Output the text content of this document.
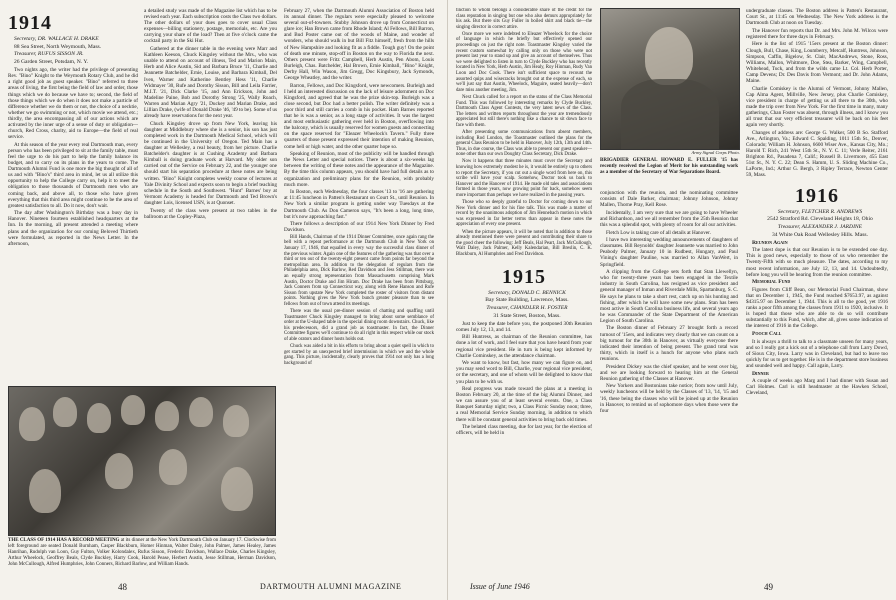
1914

Secretary, DR. WALLACE H. DRAKE

88 Sea Street, North Weymouth, Mass.

Treasurer, RUFUS SISSON JR.

26 Garden Street, Potsdam, N. Y.

Two nights ago, the writer had the privilege of presenting Rev. "Bino" Knight to the Weymouth Rotary Club, and he did a right good job as guest speaker. "Bino" referred to three areas of living, the first being the field of law and order, those things which we do because we have to; second, the field of those things which we do when it does not make a particle of difference whether we do them or not, the choice of a necktie, whether we go swimming or not, which movie we attend, etc.; thirdly, the area encompassing all of our actions which are activated by the inner urge of a sense of duty or obligation—church, Red Cross, charity, aid to Europe—the field of real service.

At this season of the year every real Dartmouth man, every person who has been privileged to sit at the family table, must feel the urge to do his part to help the family balance its budget, and to carry on its plans in the years to come. The Dartmouth Alumni Fund is one more the big thought of all of us and with "Bino's" third area in mind, let us all utilize this opportunity to help the College carry on, help it to meet the obligation to those thousands of Dartmouth men who are coming back, and above all, to those who have given everything that this third area might continue to be the area of greatest satisfaction to all. Do it now, don't wait.

The day after Washington's Birthday was a busy day in Hanover. Nineteen fourteen established headquarters at the Inn. In the morning, all present attended a meeting where plans and the organization for our coming Beloved Thirtieth were formulated, as reported in the News Letter. In the afternoon,

a detailed study was made of the Magazine list which has to be revised each year. Each subscription costs the Class two dollars. The other dollars of your dues goes to cover usual Class expenses—billing stationery, postage, memorials, etc. Are you carrying your share of the load? Then at five o'clock came the cocktail party in the Ski Hut.

Gathered at the dinner table in the evening were Marr and Kathleen Keeson, Chuck Kingsley without the Mrs., who was unable to attend on account of illness, Ted and Marion Main, Herb and Alice Austin, Sid and Barbara Bruce '11, Charlie and Jeannette Batchelder, Ernie, Louise, and Barbara Kimball, Del Iven, Warner and Katherine Bentley Hess '11, Charlie Widmayer '30, Rufe and Dorothy Sisson, Bill and Leila Farrier, M.I.T. '21, Dick Clarke '15, and Ann Erickson, John and Madeline Paine, Bob and Dorothy Strong '25, Wally Roach, Warren and Marian Agry '21, Duckey and Marian Drake, and Lillian Drake, (wife of Donald Drake '46, '49 to be). Some of us already have reservations for the next year.

Chuck Kingsley drove up from New York, leaving his daughter at Middlebury where she is a senior, his son has just completed work in the Dartmouth Medical School, which will be continued in the University of Oregon. Ted Main has a daughter at Wellesley, a real beauty, from her picture. Charlie Batchelder's daughter is at Cushing Academy and Barbara Kimball is doing graduate work at Harvard. My older son carried out of the Service on February 22, and the younger one should start his separation procedure at these notes are being written. "Bino" Knight completes weekly course of lectures at Yale Divinity School and expects soon to begin a brief teaching schedule in the South and Southwest. "Hunt" Barnes' boy at Vermont Academy is headed for Dartmouth and Ted Brown's daughter Lois, licensed USN, is at Quonset.

Twenty of the class were present at two tables in the ballroom at the Copley-Plaza,

February 27, when the Dartmouth Alumni Association of Boston held its annual dinner. The regulars were especially pleased to welcome several out-of-towners. Stubby Johnson drove up from Connecticut on glare ice; Han Brown came from Rhode Island; Al Fellows, Bill Barron, and Bud Poster came out of the woods of Maine, and wonder of wonders, who should walk in but Bill Fitz himself, fresh from the hills of New Hampshire and looking fit as a fiddle. Tough guy! On the point of death one minute, stop-off in Boston on the way to Florida the next. Others present were Fritz Campbell, Herb Austin, Pen Abom, Louis Burleigh, Chas. Batchelder, Hal Brown, Ernie Kimball, "Bino" Knight, Derby Hall, Win Wason, Jim Gregg, Doc Kingsbury, Jack Symonds, George Wheatley, and the writer.

Barron, Fellows, and Doc Kingsford, were newcomers. Burleigh and I held an interested discussion on the lack of leisure adornment on Doc Kingsford, and agreed that he was the prize skin-top. Burleigh was a close second, but Doc had a better polish. The writer definitely was a poor third and still carries a comb in his pocket. Ham Barnes reported that he is was a senior, as a long stage of activities. It was the largest and most enthusiastic gathering ever held in Boston, overflowing into the balcony, which is usually reserved for women guests and connecting on the space reserved for "Eleazer Wheelock's Tavern." Fully three quarters of those present expressed their intention of making Reunion, come hell or high water, and the other quarter hope so.

Speaking of Reunion, most of the publicity will be handled through the News Letter and special notices. There is about a six-weeks lag between the writing of these notes and the appearance of the Magazine. By the time this column appears, you should have had full details as to organization and preliminary plans for the Reunion, with probably much more.

In Boston, each Wednesday, the four classes '13 to '16 are gathering at 11:45 luncheon in Patten's Restaurant on Court St., until Reunion. In New York a similar program is getting under way Tuesdays at the Dartmouth Club. As Don Cameron says, "It's been a long, long time, but it's now approaching fast."

There follows a description of our 1914 New York Dinner by Fred Davidson.

Bill Hands, Chairman of the 1914 Dinner Committee, once again rang the bell with a repeat performance at the Dartmouth Club in New York on January 17, 1946, that equalled in every way the successful class dinner of the previous winter. Again one of the features of the gathering was that over a third or ten out of the twenty-eight present came from points far beyond the metropolitan area. In addition to the delegation of regulars from the Philadelphia area, Dick Barlow, Red Davidson and Jess Stillman, there was an equally strong representation from Massachusetts comprising Mark Austin, Doctor Drake and Jim Hiram. Doc Drake has been from Pittsburg, Jack Conners from up Connecticut way, along with Rene Hanson and Rufe Sisson from upstate New York completed the roster of visitors from distant points. Nothing gives the New York bunch greater pleasure than to see fellows from out of town attend its meetings.

There was the usual pre-dinner session of chatting and quaffing until Toastmaster Chuck Kingsley managed to bring about some semblance of order at the U-shaped table in the special dining room downstairs. Chuck, like his predecessors, did a grand job as toastmaster. In fact, the Dinner Committee figures we'll continue to do all right in this respect while our stock of able orators and dinner hosts holds out.

Chuck was aided a bit in his efforts to bring about a quiet spell in which to get started by an unexpected brief intermission in which we and the whole gang. This picture, incidentally, clearly proves that 1914 not only has a long background of

THE CLASS OF 1914 HAS A RECORD MEETING at its dinner at the New York Dartmouth Club on January 17. Clockwise from left foreground are seated Donald Burnham, Casper Blackburn, Homer Hinman, Walter Daley, John Palmer, James Healey, James Hanrihan, Rudolph van Loon, Guy Fulton, Volker Kolondalex, Rufus Sisson, Frederic Davidson, Wallace Drake, Charles Kingsley, Arthur Wheelock, Geoffrey Beals, Clyde Buckley, Harry Cook, Harold Pease, Herbert Austin, Jesse Stillman, Herman Davidson, John McCullough, Alfred Humphries, John Conners, Richard Barlow, and William Hands.
48

tinction to whom belongs a considerable share of the credit for the class reputation in singing but one who also demurs appropriately for his ask. But there sits Guy Fuller in boiled shirt and black tie—the singing director in correct attire.

Once more we were indebted to Eleazer Wheelock for the choice of language in which he briefly but effectively opened our proceedings on just the right note. Toastmaster Kingsley varied the recent custom somewhat by calling only on those who were not present last year to stand up and give an account of themselves. Thus we were delighted to listen in turn to Clyde Buckley who has recently located in New York, Herb Austin, Jim Healy, Roy Hinman, Rudy Van Loon and Doc Cook. There isn't sufficient space to recount the assorted quips and wisecracks brought out at the expense of each, so we'll just say that Austin, Wheelock, Maguire, seated heavily—don't dare miss another meeting, Jim.

Next Chuck called for a report on the status of the Class Memorial Fund. This was followed by interesting remarks by Clyde Buckley, Dartmouth Class Agent Contests, the very latest news of the Class. The letters and written reports throughout the year are tremendously appreciated but still there's nothing like a chance to sit down face to face with them.

After presenting some communications from absent members, including Rod London, the Toastmaster outlined the plans for the general Class Reunion to be held in Hanover, July 12th, 13th and 14th. Thus, in due course, the Class was able to present our guest speaker—none other than our own Doughty Class Secretary, Dick Drake.

Now it happens that three minutes must cover the Secretary and knowing how extremely modest he is, it would be entirely up to others to report the Secretary, if you cut out a single word from here on, this scribe will have your scalp. Somehow, Doctor took us back to Hanover and the Hanover of 1914. He made old tales and associations formed in those years, now growing point for back, somehow seem more important than perhaps we have realized in the passing years.

Those who so deeply grateful to Doctor for coming down to our New York dinner and for his fine talk. This was made a matter of record by the unanimous adoption of Jim Hennebach motion in which was expressed in far better terms than appear in these notes the appreciation of every one present.

When the picture appears, it will be noted that in addition to those already mentioned there were present and contributing their share to the good cheer the following: Jeff Beals, Hal Peart, Jack McCullough, Walt Daley, Jack Palmer, Kelly Kalendarian, Bill Breslin, C. K. Blackburn, Al Humphries and Fred Davidson.

1915

Secretary, DONALD C. BENNICK

Bay State Building, Lawrence, Mass.

Treasurer, CHANDLER H. FOSTER

31 State Street, Boston, Mass.

Just to keep the date before you, the postponed 30th Reunion comes July 12, 13, and 14.

Bill Huntress, as chairman of the Reunion committee, has done a lot of work, and I feel sure that you have heard from your regional vice president. He in turn is being kept informed by Charlie Cominskey, as the attendance chairman.

We want to know, but fast, how many we can figure on, and you may send word to Bill, Charlie, your regional vice president, or the secretary, and one of whom will be delighted to know that you plan to be with us.

Real progress was made toward the plans at a meeting in Boston February 20, at the time of the big Alumni Dinner, and we can assure you of at least several events. One, a Class Banquet Saturday night; two, a Class Picnic Sunday noon; three, a real Memorial Service Sunday morning, in addition to which there will be constant general activities to bring back old times.

The belated class meeting, due for last year, for the election of officers, will be held in

Army Signal Corps Photo.
BRIGADIER GENERAL HOWARD E. FULLER '15 has recently received the Legion of Merit for his outstanding work as a member of the Secretary of War Separations Board.

conjunction with the reunion, and the nominating committee consists of Dale Barker, chairman; Johnny Johnson, Johnny Mallen, Thorne Pray, Kell Rose.

Incidentally, I am very sure that we are going to have Wheeler and Richardson, and we all remember from the 25th Reunion that this was a splendid spot, with plenty of room for all our activities.

Fletch Low is taking care of all details at Hanover.

I have two interesting wedding announcements of daughters of classmates. Bill Reynolds' daughter Jeannette was married to John Peabody Palmer, January 10 in Rudbest, Hungary, and Paul Vining's daughter Pauline, was married to Allan VanWert, in Springfield.

A clipping from the College sets forth that Stan Llewellyn, who for twenty-three years has been engaged in the Textile industry in South Carolina, has resigned as vice president and general manager of Inman and Riverdale Mills, Spartanburg, S. C. He says he plans to take a short rest, catch up on his hunting and fishing, after which he will have some new plans. Stan has been most active in South Carolina business life, and several years ago he was Commander of the State Department of the American Legion of South Carolina.

The Boston dinner of February 27 brought forth a record turnout of '15ers, and indicates very clearly that we can count on a big turnout for the 30th in Hanover, as virtually everyone there indicated their intention of being present. The grand total was thirty, which in itself is a hunch for anyone who plans such reunions.

President Dickey was the chief speaker, and he went over big, and we are looking forward to hearing him at the General Reunion gathering of the Classes at Hanover.

New Yorkers and Bostonians take notice; from now until July, weekly luncheons will be held by the Classes of '13, '14, '15 and '16, these being the classes who will be joined up at the Reunion in Hanover, to remind us of sophomore days when those were the four

undergraduate classes. The Boston address is Patten's Restaurant, Court St., at 11:45 on Wednesday. The New York address is the Dartmouth Club at noon on Tuesday.

The Hanover fun reports that Dr. and Mrs. John M. Wilcox were registered there for three days in February.

Here is the list of 1915 '15ers present at the Boston dinner: Clough, Bull, Chase, King, Loumberry, Metcalf, Huntress, Johnson, Simpson, Caffin, Bigelow, St. Clair, MacAndrews, Stone, Ross, Williams, Mallon, Whitmore, Doe, Stea, Barker, Wing, Campbell, Whitehead, Tuck, and from the wilds came Lt. Col. Herb Porter, Camp Devens; Dr. Des Davis from Vermont; and Dr. John Adams, Maine.

Charlie Comiskey is the Alumni of Vermont, Johnny Mallen, Cap Alma Agent, Millville, New Jersey, plus Charlie Comiskey, vice president in charge of getting us all there to the 30th, who made the trip over from New York. For the first time in many, many gatherings, Chan Foster was absent, through illness, and I know you all trust that our very efficient treasurer will be back on his feet again very shortly.

Changes of address are: George G. Walker, 500 B So. Stafford Ave., Arlington, Va.; Edward C. Spalding, 1011 15th St., Denver, Colorado; William H. Johnson, 6600 Wiser Ave., Kansas City, Mo.; Harold T. Rich, 241 West 15th St., N. Y. C. 11; Verle Reiter, 2161 Brighton Rd., Pasadena 7, Calif.; Russell B. Livermore, 455 East 51st St., N. Y. C. 22; Dean S. Hamm, U. S. Sliding Machine Co., LaPorte, Ind.; Arthur G. Bergh, 3 Ripley Terrace, Newton Center 59, Mass.

1916

Secretary, FLETCHER R. ANDREWS

2542 Stratford Rd. Cleveland Heights 18, Ohio

Treasurer, ALEXANDER J. JARDINE

34 White Oak Road Wellesley Hills. Mass.

Reunion Again

The latest dope is that our Reunion is to be extended one day. This is good news, especially to those of us who remember the Twenty-Fifth with so much pleasure. The dates, according to my most recent information, are July 12, 13, and 14. Undoubtedly, before long you will be hearing from the reunion committee.

Memorial Fund

Figures from Cliff Bean, our Memorial Fund Chairman, show that on December 1, 1945, the Fund reached $7653.97, as against $4315.97 on December 1, 1944. This is all to the good, yet 1916 ranks a poor fifth among the classes from 1911 to 1920, inclusive. It is hoped that those who are able to do so will contribute substantially to this Fund, which, after all, gives some indication of the interest of 1916 in the College.

Pooch Call

It is always a thrill to talk to a classmate unseen for many years, and so I really got a kick out of a telephone call from Larry Dowd, of Sioux City, Iowa. Larry was in Cleveland, but had to leave too quickly for us to get together. He is in the department store business and sounded well and happy. Call again, Larry.

Dinner

A couple of weeks ago Marg and I had dinner with Susan and Carl Holmes. Carl is still headmaster at the Hawken School, Cleveland,

Issue of June 1946	49
DARTMOUTH ALUMNI MAGAZINE
